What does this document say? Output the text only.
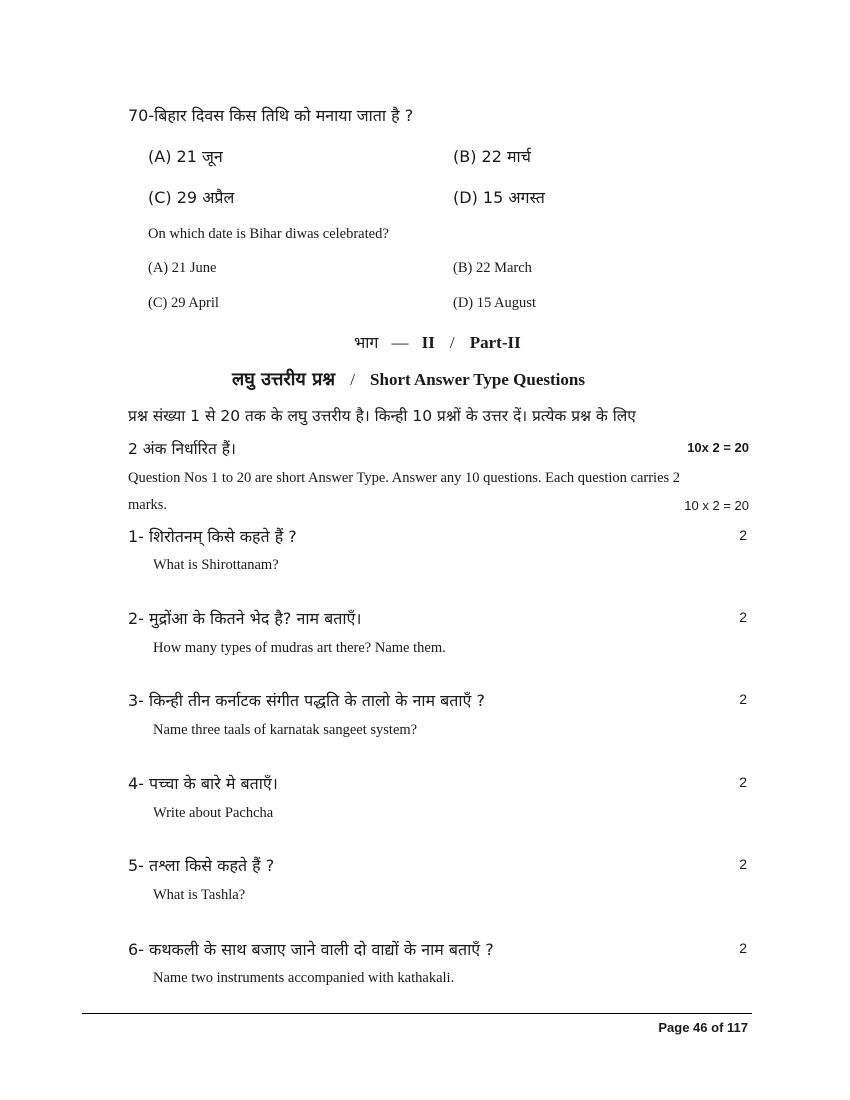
70-बिहार दिवस किस तिथि को मनाया जाता है ?
(A) 21 जून	(B) 22 मार्च
(C) 29 अप्रैल	(D) 15 अगस्त
On which date is Bihar diwas celebrated?
(A) 21 June	(B) 22 March
(C) 29 April	(D) 15 August
भाग — II / Part-II
लघु उत्तरीय प्रश्न / Short Answer Type Questions
प्रश्न संख्या 1 से 20 तक के लघु उत्तरीय है। किन्ही 10 प्रश्नों के उत्तर दें। प्रत्येक प्रश्न के लिए
2 अंक निर्धारित हैं।	10x 2 = 20
Question Nos 1 to 20 are short Answer Type. Answer any 10 questions. Each question carries 2
marks.	10 x 2 = 20
1- शिरोतनम् किसे कहते हैं ?	2
What is Shirottanam?
2- मुद्रोंआ के कितने भेद है? नाम बताएँ।	2
How many types of mudras art there? Name them.
3- किन्ही तीन कर्नाटक संगीत पद्धति के तालो के नाम बताएँ ?	2
Name three taals of karnatak sangeet system?
4- पच्चा के बारे मे बताएँ।	2
Write about Pachcha
5- तश्ला किसे कहते हैं ?	2
What is Tashla?
6- कथकली के साथ बजाए जाने वाली दो वाद्यों के नाम बताएँ ?	2
Name two instruments accompanied with kathakali.
Page 46 of 117
